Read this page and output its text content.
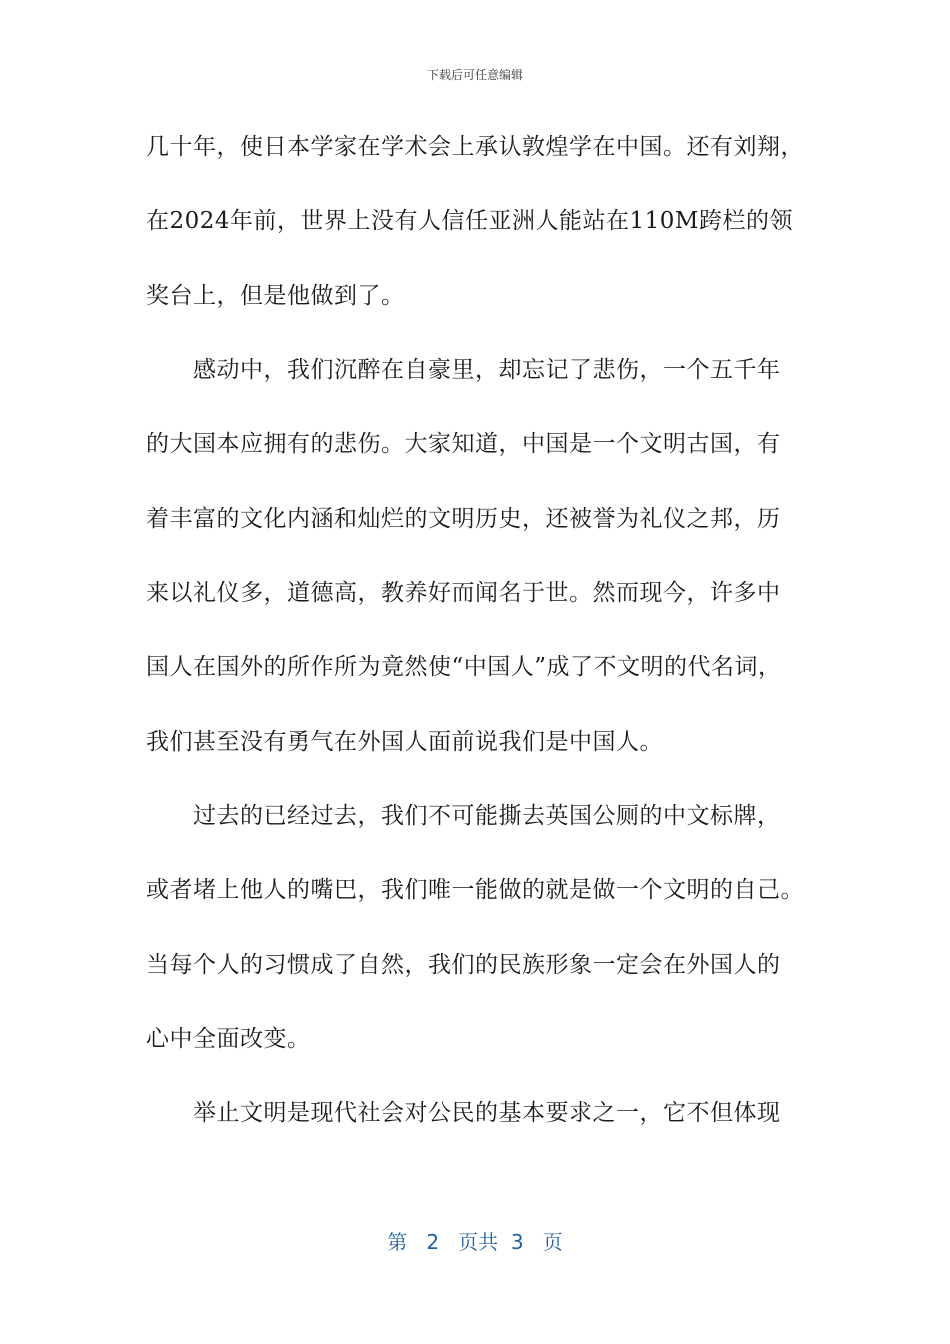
下载后可任意编辑
几十年，使日本学家在学术会上承认敦煌学在中国。还有刘翔，
在2024年前，世界上没有人信任亚洲人能站在110M跨栏的领
奖台上，但是他做到了。
感动中，我们沉醉在自豪里，却忘记了悲伤，一个五千年
的大国本应拥有的悲伤。大家知道，中国是一个文明古国，有
着丰富的文化内涵和灿烂的文明历史，还被誉为礼仪之邦，历
来以礼仪多，道德高，教养好而闻名于世。然而现今，许多中
国人在国外的所作所为竟然使“中国人”成了不文明的代名词，
我们甚至没有勇气在外国人面前说我们是中国人。
过去的已经过去，我们不可能撕去英国公厕的中文标牌，
或者堵上他人的嘴巴，我们唯一能做的就是做一个文明的自己。
当每个人的习惯成了自然，我们的民族形象一定会在外国人的
心中全面改变。
举止文明是现代社会对公民的基本要求之一，它不但体现
第 2 页共 3 页
